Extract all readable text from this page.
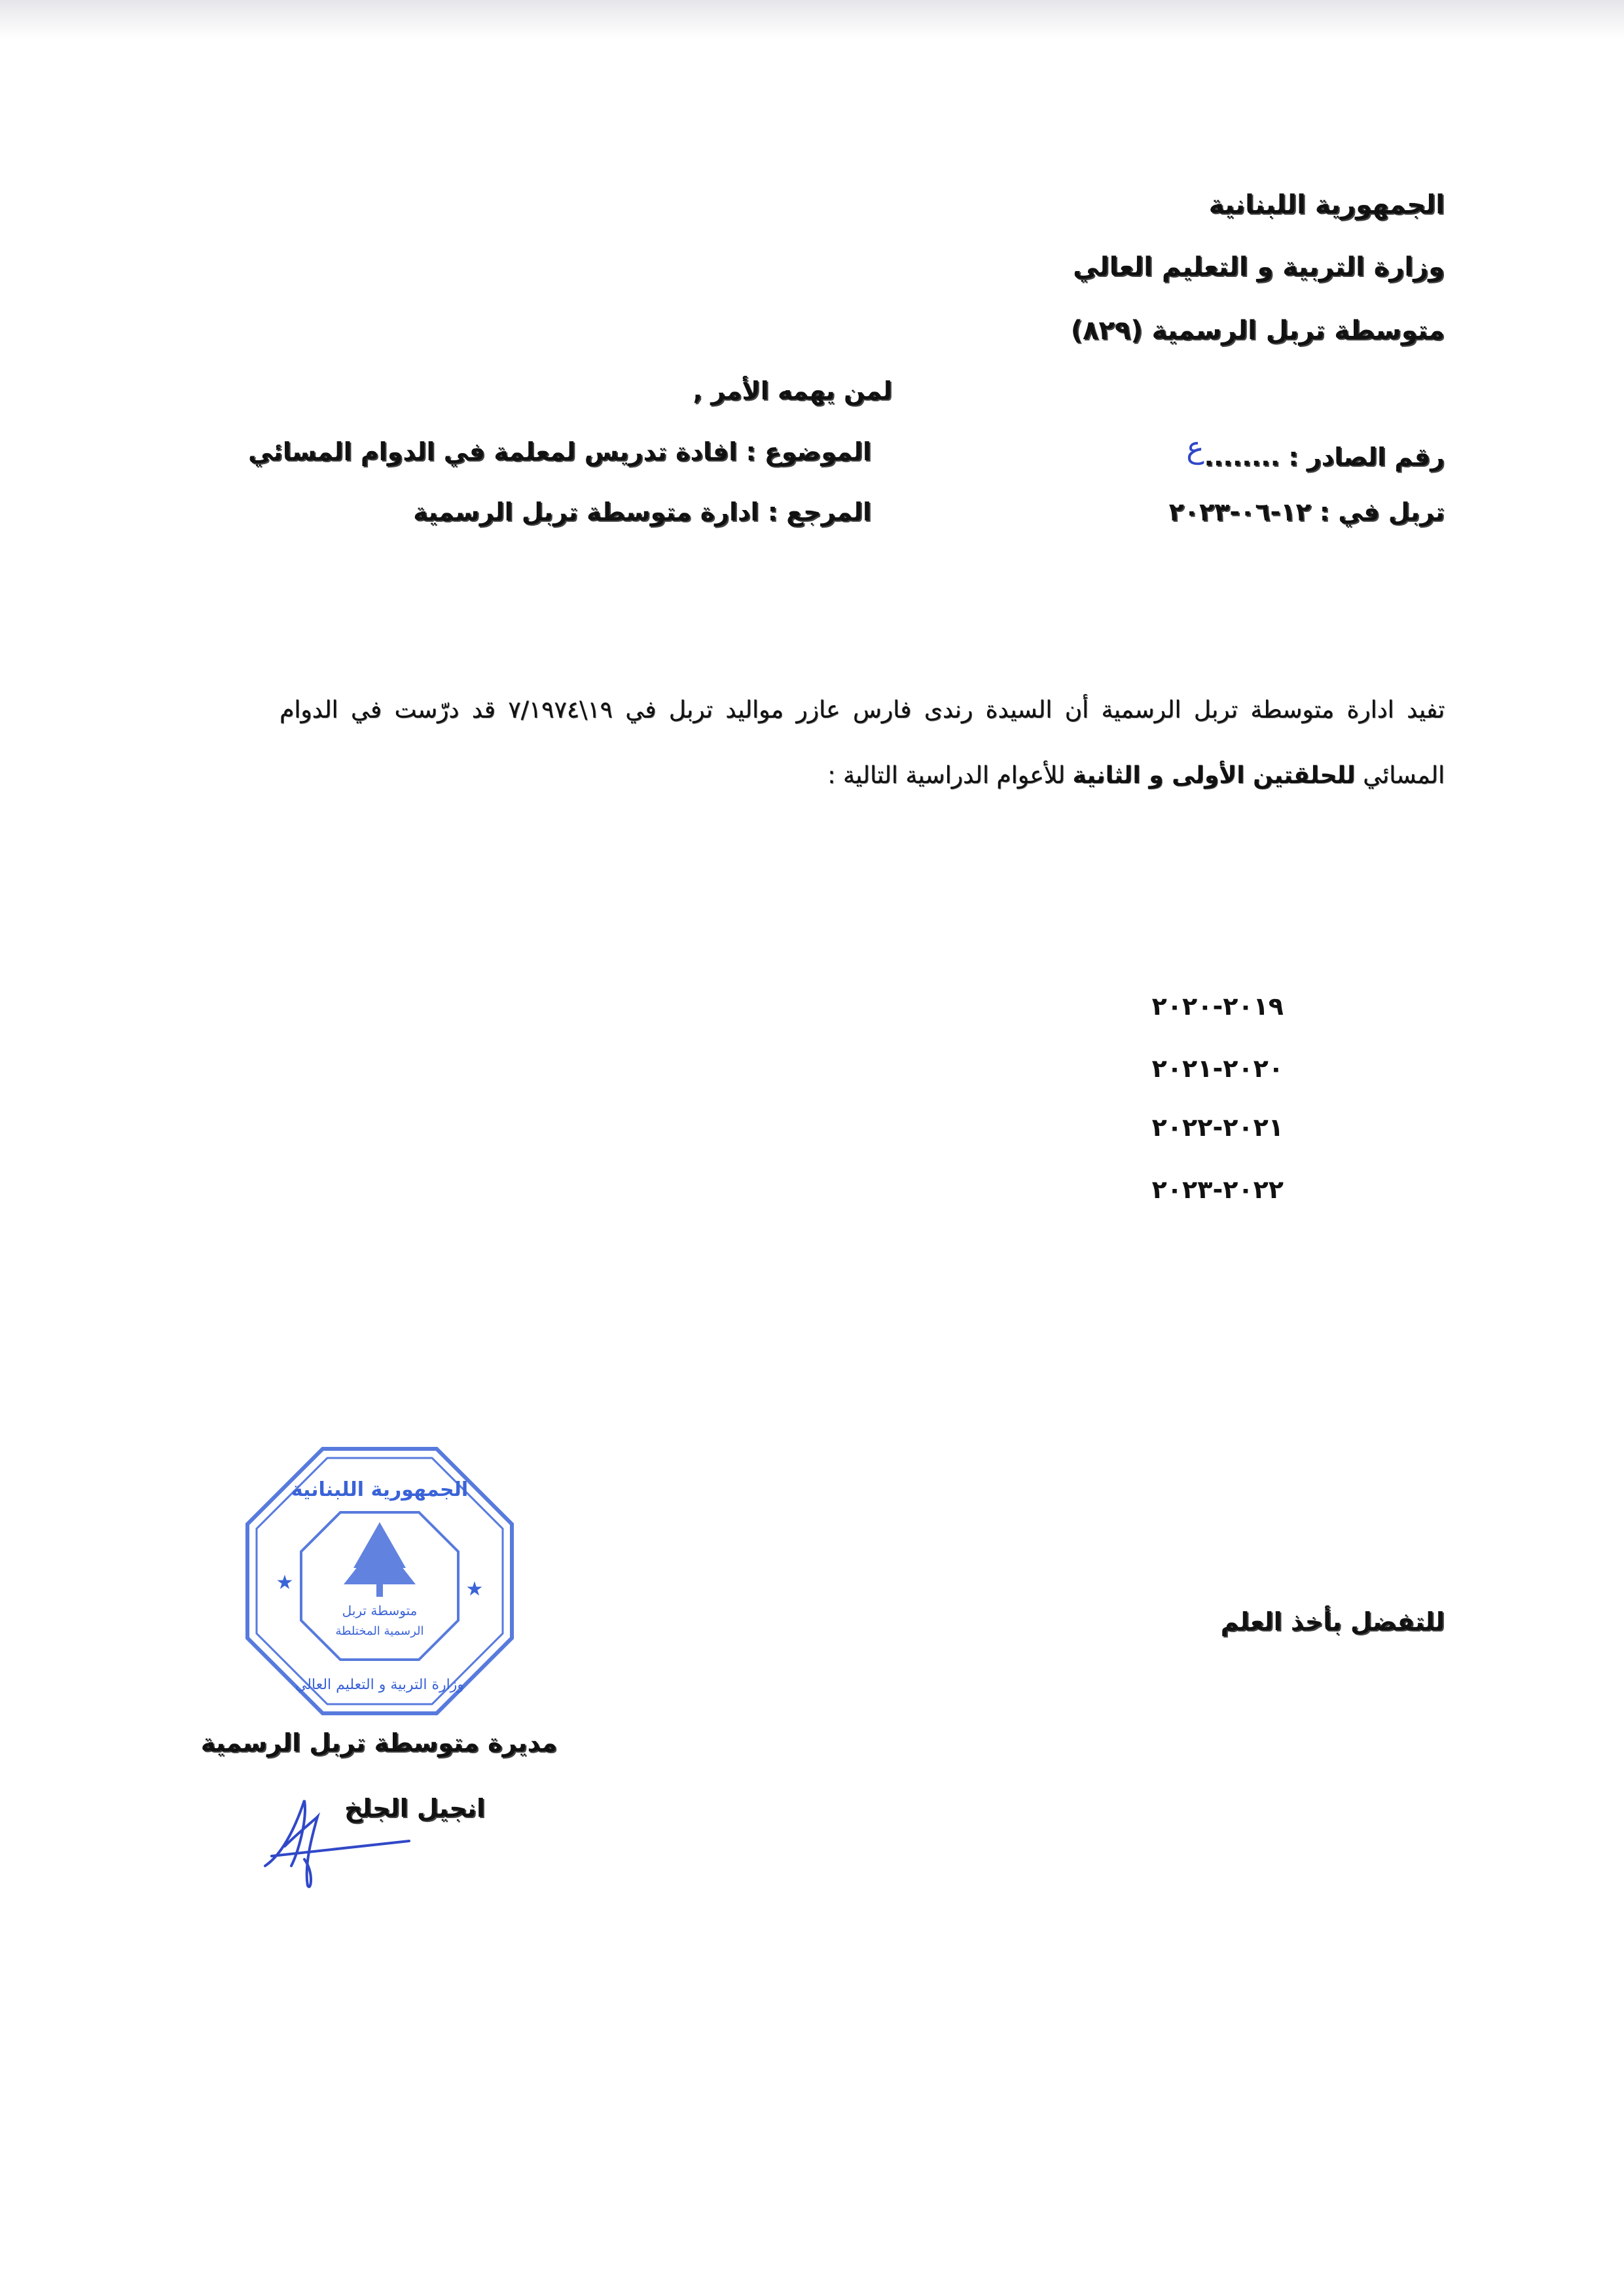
الجمهورية اللبنانية
وزارة التربية و التعليم العالي
متوسطة تربل الرسمية (٨٢٩)
لمن يهمه الأمر ,
الموضوع : افادة تدريس لمعلمة في الدوام المسائي
المرجع : ادارة متوسطة تربل الرسمية
رقم الصادر : ........ع
تربل في : ١٢-٠٦-٢٠٢٣
تفيد ادارة متوسطة تربل الرسمية أن السيدة رندى فارس عازر مواليد تربل في ١٩\٧/١٩٧٤ قد درّست في الدوام المسائي للحلقتين الأولى و الثانية للأعوام الدراسية التالية :
٢٠١٩-٢٠٢٠
٢٠٢٠-٢٠٢١
٢٠٢١-٢٠٢٢
٢٠٢٢-٢٠٢٣
للتفضل بأخذ العلم
★	★
متوسطة تربل
الرسمية المختلطة
الجمهورية اللبنانية
وزارة التربية و التعليم العالي
مديرة متوسطة تربل الرسمية
انجيل الجلخ
